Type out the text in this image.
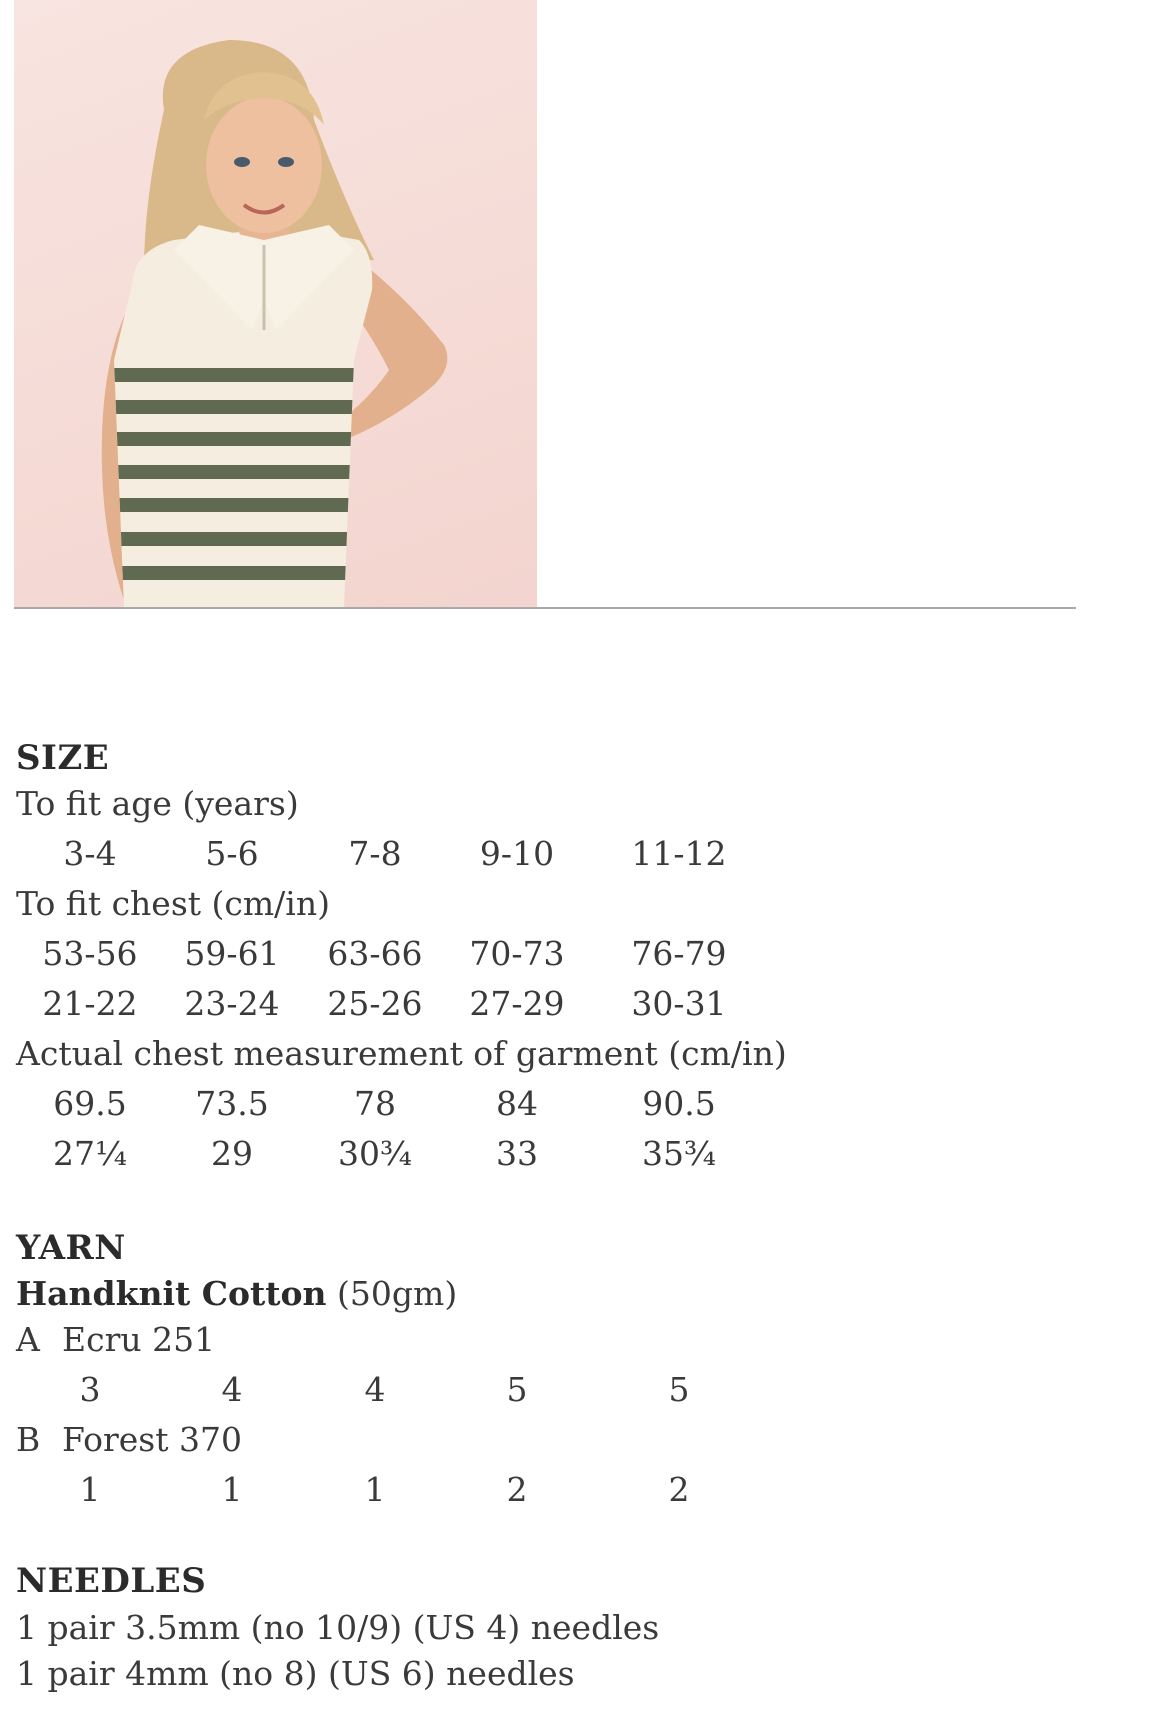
SIZE
To fit age (years)
3-4	5-6	7-8	9-10	11-12
To fit chest (cm/in)
53-56	59-61	63-66	70-73	76-79
21-22	23-24	25-26	27-29	30-31
Actual chest measurement of garment (cm/in)
69.5	73.5	78	84	90.5
27¼	29	30¾	33	35¾
YARN
Handknit Cotton (50gm)
A Ecru 251
3	4	4	5	5
B Forest 370
1	1	1	2	2
NEEDLES
1 pair 3.5mm (no 10/9) (US 4) needles
1 pair 4mm (no 8) (US 6) needles
